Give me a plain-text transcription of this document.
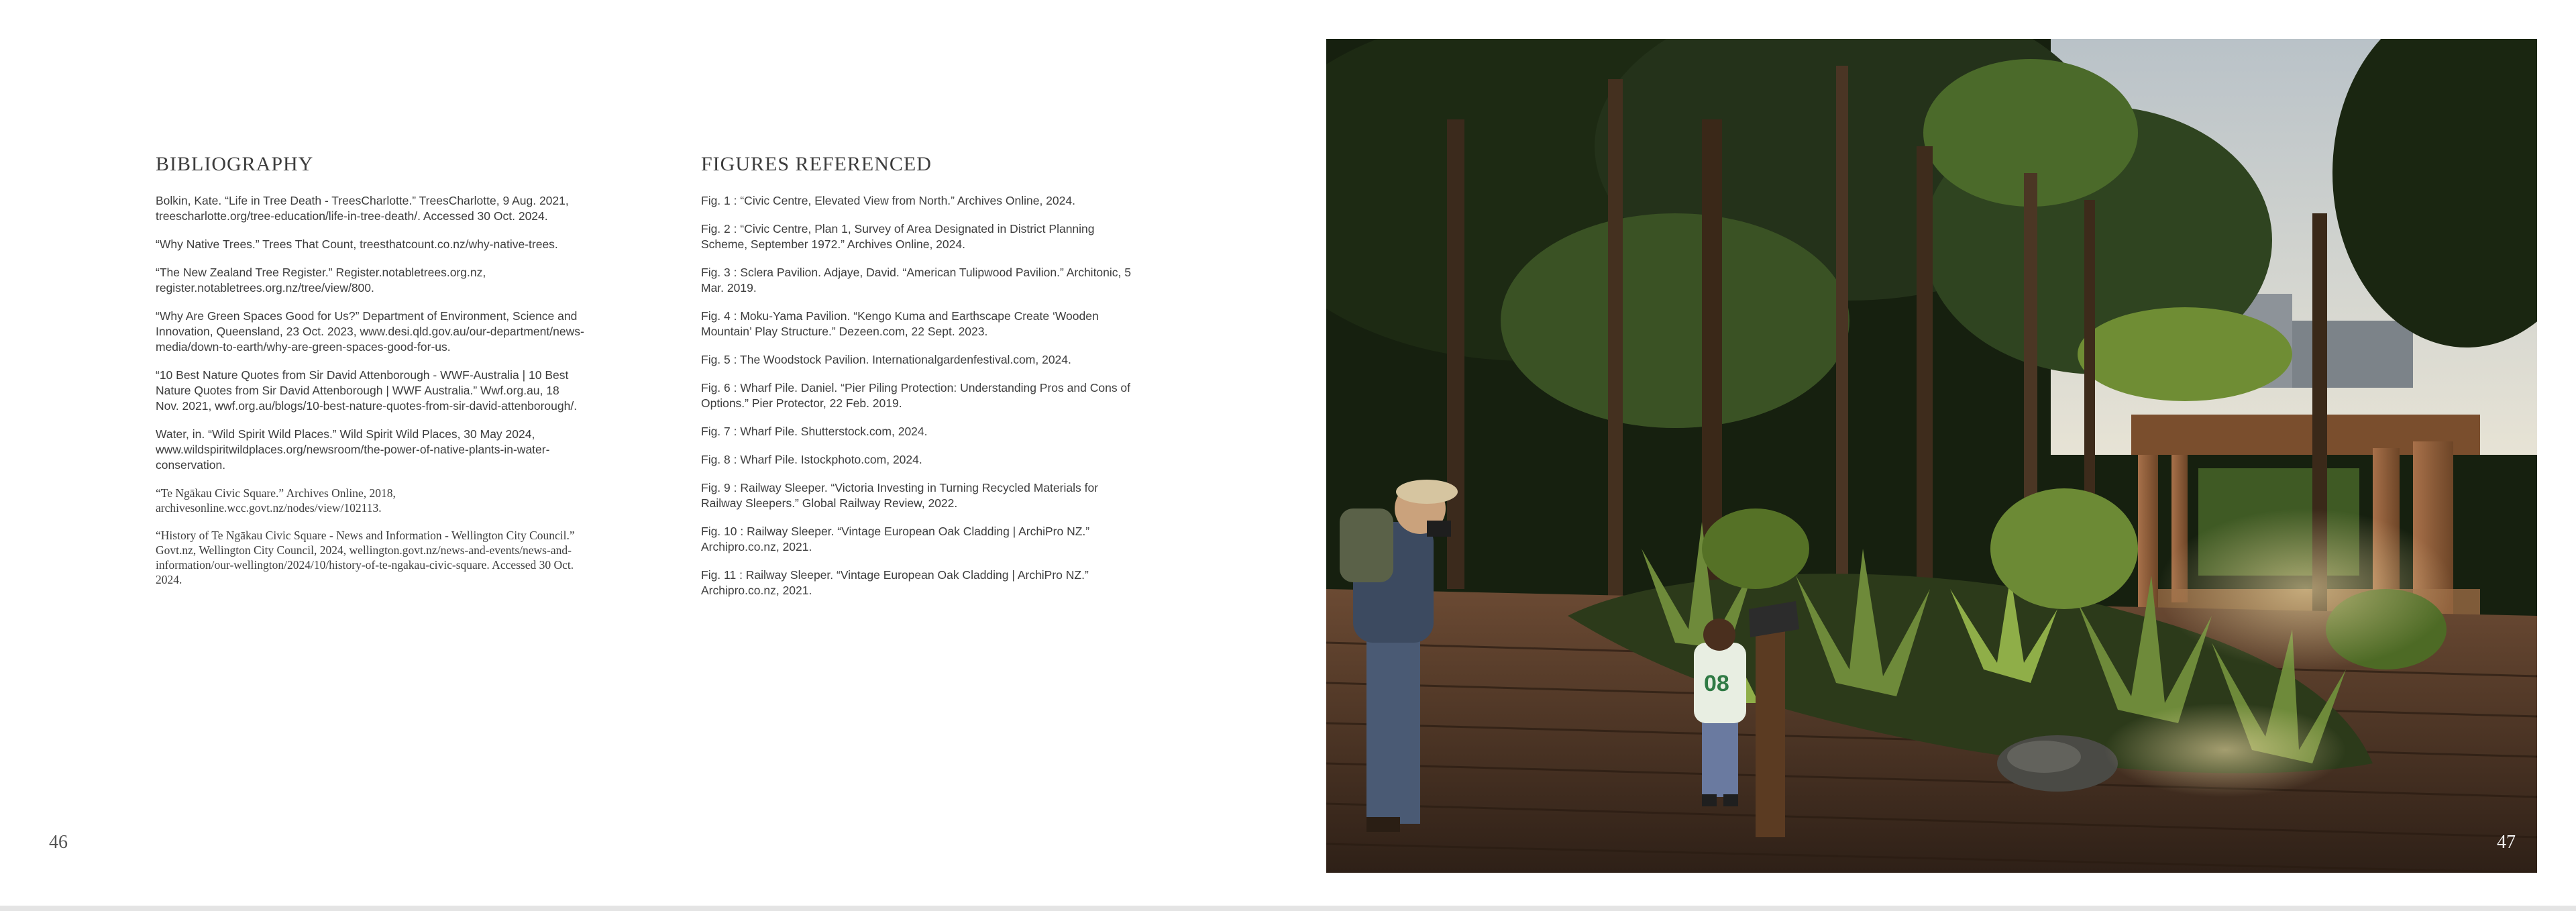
BIBLIOGRAPHY

Bolkin, Kate. “Life in Tree Death - TreesCharlotte.” TreesCharlotte, 9 Aug. 2021, treescharlotte.org/tree-education/life-in-tree-death/. Accessed 30 Oct. 2024.

“Why Native Trees.” Trees That Count, treesthatcount.co.nz/why-native-trees.

“The New Zealand Tree Register.” Register.notabletrees.org.nz, register.notabletrees.org.nz/tree/view/800.

“Why Are Green Spaces Good for Us?” Department of Environment, Science and Innovation, Queensland, 23 Oct. 2023, www.desi.qld.gov.au/our-department/news-media/down-to-earth/why-are-green-spaces-good-for-us.

“10 Best Nature Quotes from Sir David Attenborough - WWF-Australia | 10 Best Nature Quotes from Sir David Attenborough | WWF Australia.” Wwf.org.au, 18 Nov. 2021, wwf.org.au/blogs/10-best-nature-quotes-from-sir-david-attenborough/.

Water, in. “Wild Spirit Wild Places.” Wild Spirit Wild Places, 30 May 2024, www.wildspiritwildplaces.org/newsroom/the-power-of-native-plants-in-water-conservation.

“Te Ngākau Civic Square.” Archives Online, 2018, archivesonline.wcc.govt.nz/nodes/view/102113.

“History of Te Ngākau Civic Square - News and Information - Wellington City Council.” Govt.nz, Wellington City Council, 2024, wellington.govt.nz/news-and-events/news-and-information/our-wellington/2024/10/history-of-te-ngakau-civic-square. Accessed 30 Oct. 2024.

FIGURES REFERENCED

Fig. 1 : “Civic Centre, Elevated View from North.” Archives Online, 2024.

Fig. 2 : “Civic Centre, Plan 1, Survey of Area Designated in District Planning Scheme, September 1972.” Archives Online, 2024.

Fig. 3 : Sclera Pavilion. Adjaye, David. “American Tulipwood Pavilion.” Architonic, 5 Mar. 2019.

Fig. 4 : Moku-Yama Pavilion. “Kengo Kuma and Earthscape Create ‘Wooden Mountain’ Play Structure.” Dezeen.com, 22 Sept. 2023.

Fig. 5 : The Woodstock Pavilion. Internationalgardenfestival.com, 2024.

Fig. 6 : Wharf Pile. Daniel. “Pier Piling Protection: Understanding Pros and Cons of Options.” Pier Protector, 22 Feb. 2019.

Fig. 7 : Wharf Pile. Shutterstock.com, 2024.

Fig. 8 : Wharf Pile. Istockphoto.com, 2024.

Fig. 9 : Railway Sleeper. “Victoria Investing in Turning Recycled Materials for Railway Sleepers.” Global Railway Review, 2022.

Fig. 10 : Railway Sleeper. “Vintage European Oak Cladding | ArchiPro NZ.” Archipro.co.nz, 2021.

Fig. 11 : Railway Sleeper. “Vintage European Oak Cladding | ArchiPro NZ.” Archipro.co.nz, 2021.

46
08
47
